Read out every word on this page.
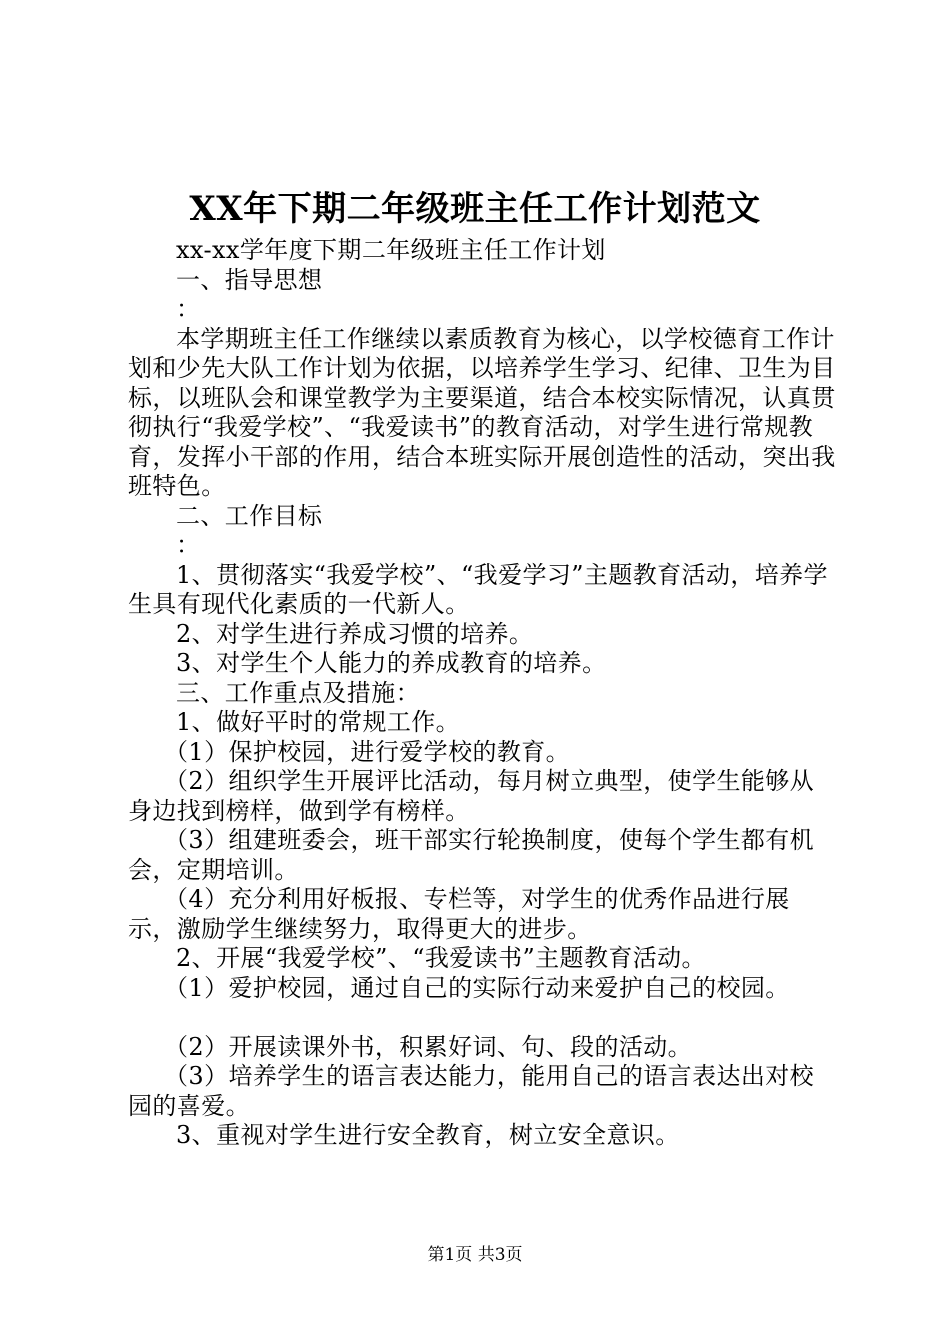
XX年下期二年级班主任工作计划范文

xx-xx学年度下期二年级班主任工作计划

一、指导思想

：

本学期班主任工作继续以素质教育为核心，以学校德育工作计划和少先大队工作计划为依据，以培养学生学习、纪律、卫生为目标，以班队会和课堂教学为主要渠道，结合本校实际情况，认真贯彻执行“我爱学校”、“我爱读书”的教育活动，对学生进行常规教育，发挥小干部的作用，结合本班实际开展创造性的活动，突出我班特色。

二、工作目标

：

1、贯彻落实“我爱学校”、“我爱学习”主题教育活动，培养学生具有现代化素质的一代新人。

2、对学生进行养成习惯的培养。

3、对学生个人能力的养成教育的培养。

三、工作重点及措施：

1、做好平时的常规工作。

（1）保护校园，进行爱学校的教育。

（2）组织学生开展评比活动，每月树立典型，使学生能够从身边找到榜样，做到学有榜样。

（3）组建班委会，班干部实行轮换制度，使每个学生都有机会，定期培训。

（4）充分利用好板报、专栏等，对学生的优秀作品进行展示，激励学生继续努力，取得更大的进步。

2、开展“我爱学校”、“我爱读书”主题教育活动。

（1）爱护校园，通过自己的实际行动来爱护自己的校园。

（2）开展读课外书，积累好词、句、段的活动。

（3）培养学生的语言表达能力，能用自己的语言表达出对校园的喜爱。

3、重视对学生进行安全教育，树立安全意识。

第1页 共3页
